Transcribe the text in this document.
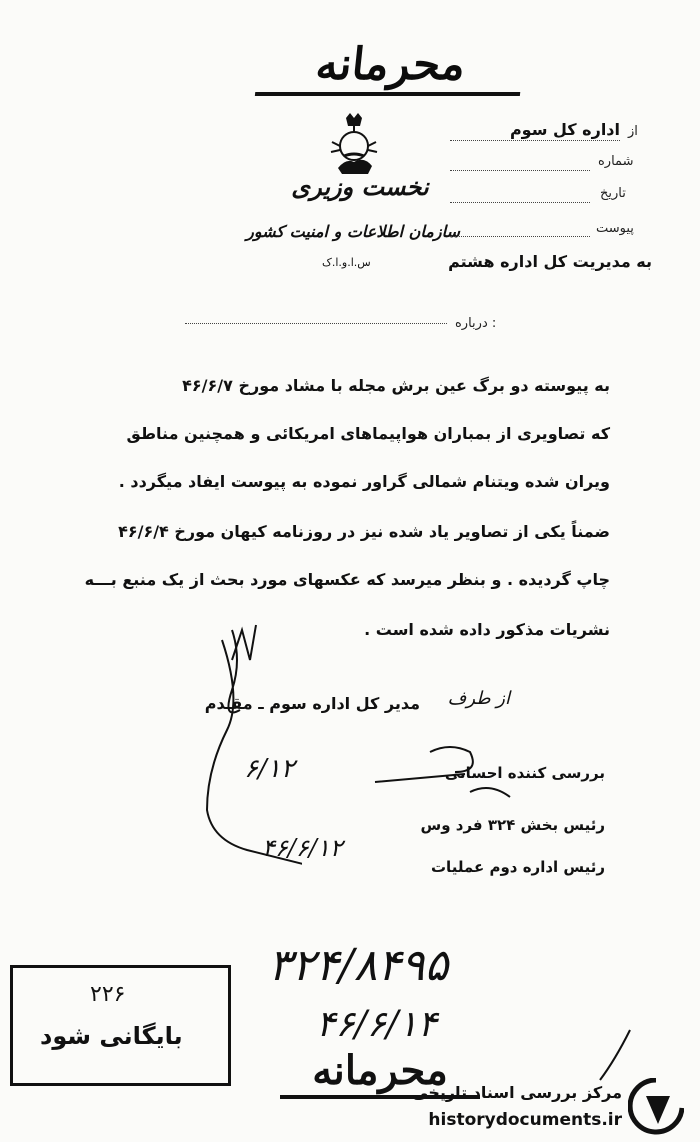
محرمانه
نخست وزیری
سازمان اطلاعات و امنیت کشور
س.ا.و.ا.ک
از
اداره کل سوم
شماره
تاریخ
پیوست
به مدیریت کل اداره هشتم
درباره :
به پیوسته دو برگ عین برش مجله با مشاد مورخ ۴۶/۶/۷
که تصاویری از بمباران هواپیماهای امریکائی و همچنین مناطق
ویران شده ویتنام شمالی گراور نموده به پیوست ایفاد میگردد .
ضمناً یکی از تصاویر یاد شده نیز در روزنامه کیهان مورخ ۴۶/۶/۴
چاپ گردیده . و بنظر میرسد که عکسهای مورد بحث از یک منبع بـــه
نشریات مذکور داده شده است .
از طرف
مدیر کل اداره سوم ـ مقـدم
۶/۱۲	بررسی کننده احسانی
رئیس بخش ۳۲۴ فرد وس
۴۶/۶/۱۲
رئیس اداره دوم عملیات
۲۲۶
بایگانی شود
۳۲۴/۸۴۹۵
۴۶/۶/۱۴
محرمانه
مرکز بررسی اسناد تاریخی
historydocuments.ir
